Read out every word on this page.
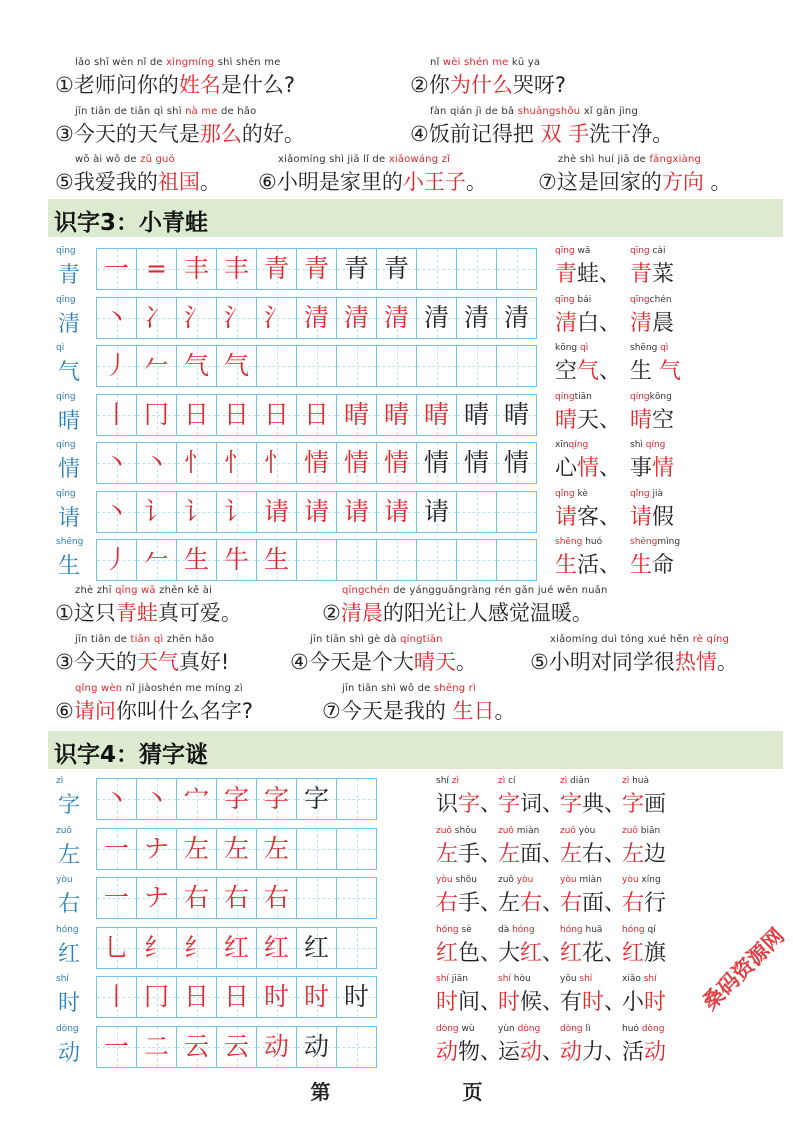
lǎo shī wèn nǐ de xìngmíng shì shén me
①老师问你的姓名是什么?
nǐ wèi shén me kū ya
②你为什么哭呀?
jīn tiān de tiān qì shì nà me de hǎo
③今天的天气是那么的好。
fàn qián jì de bǎ shuāngshǒu xǐ gān jìng
④饭前记得把 双 手洗干净。
wǒ ài wǒ de zǔ guó
⑤我爱我的祖国。
xiǎomíng shì jiā lǐ de xiǎowáng zǐ
⑥小明是家里的小王子。
zhè shì huí jiā de fāngxiàng
⑦这是回家的方向 。
识字3：小青蛙
qīng
青 一 = 丰 丰 青 青 青 青
qīng wā
青蛙、
qīng cài
青菜
qīng
清 丶 冫 氵 氵 氵 清 清 清 清 清 清
qīng bái
清白、
qīngchén
清晨
qì
气 丿 𠂉 气 气
kōng qì
空气、
shēng qì
生 气
qíng
晴 丨 冂 日 日 日 日 晴 晴 晴 晴 晴
qíngtiān
晴天、
qíngkōng
晴空
qíng
情 丶 丶 忄 忄 忄 情 情 情 情 情 情
xīnqíng
心情、
shì qíng
事情
qǐng
请 丶 讠 讠 讠 请 请 请 请 请
qǐng kè
请客、
qǐng jià
请假
shēng
生 丿 𠂉 生 牛 生
shēng huó
生活、
shēngmìng
生命
zhè zhī qīng wā zhēn kě ài
①这只青蛙真可爱。
qīngchén de yángguāngràng rén gǎn jué wēn nuǎn
②清晨的阳光让人感觉温暖。
jīn tiān de tiān qì zhēn hǎo
③今天的天气真好!
jīn tiān shì gè dà qíngtiān
④今天是个大晴天。
xiǎomíng duì tóng xué hěn rè qíng
⑤小明对同学很热情。
qǐng wèn nǐ jiàoshén me míng zì
⑥请问你叫什么名字?
jīn tiān shì wǒ de shēng rì
⑦今天是我的 生日。
识字4：猜字谜
zì
字 丶 丶 宀 字 字 字
shí zì
识字、
zì cí
字词、
zì diǎn
字典、
zì huà
字画
zuǒ
左 一 ナ 左 左 左
zuǒ shǒu
左手、
zuǒ miàn
左面、
zuǒ yòu
左右、
zuǒ biān
左边
yòu
右 一 ナ 右 右 右
yòu shǒu
右手、
zuǒ yòu
左右、
yòu miàn
右面、
yòu xíng
右行
hóng
红 乚 纟 纟 红 红 红
hóng sè
红色、
dà hóng
大红、
hóng huā
红花、
hóng qí
红旗
shí
时 丨 冂 日 日 时 时 时
shí jiān
时间、
shí hòu
时候、
yǒu shí
有时、
xiǎo shí
小时
dòng
动 一 二 云 云 动 动
dòng wù
动物、
yùn dòng
运动、
dòng lì
动力、
huó dòng
活动
第	页
桑码资源网
